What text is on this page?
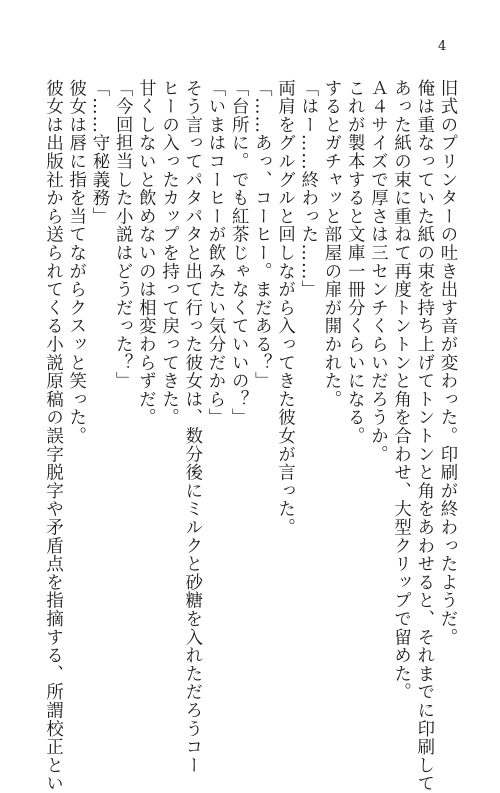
4
旧式のプリンターの吐き出す音が変わった。印刷が終わったようだ。
俺は重なっていた紙の束を持ち上げてトントンと角をあわせると、それまでに印刷して
あった紙の束に重ねて再度トントンと角を合わせ、大型クリップで留めた。
Ａ４サイズで厚さは三センチくらいだろうか。
これが製本すると文庫一冊分くらいになる。
するとガチャッと部屋の扉が開かれた。
「はー……終わった……」
両肩をグルグルと回しながら入ってきた彼女が言った。
「……あっ、コーヒー。まだある？」
「台所に。でも紅茶じゃなくていいの？」
「いまはコーヒーが飲みたい気分だから」
そう言ってパタパタと出て行った彼女は、数分後にミルクと砂糖を入れただろうコー
ヒーの入ったカップを持って戻ってきた。
甘くしないと飲めないのは相変わらずだ。
「今回担当した小説はどうだった？」
「……守秘義務」
彼女は唇に指を当てながらクスッと笑った。
彼女は出版社から送られてくる小説原稿の誤字脱字や矛盾点を指摘する、所謂校正とい
